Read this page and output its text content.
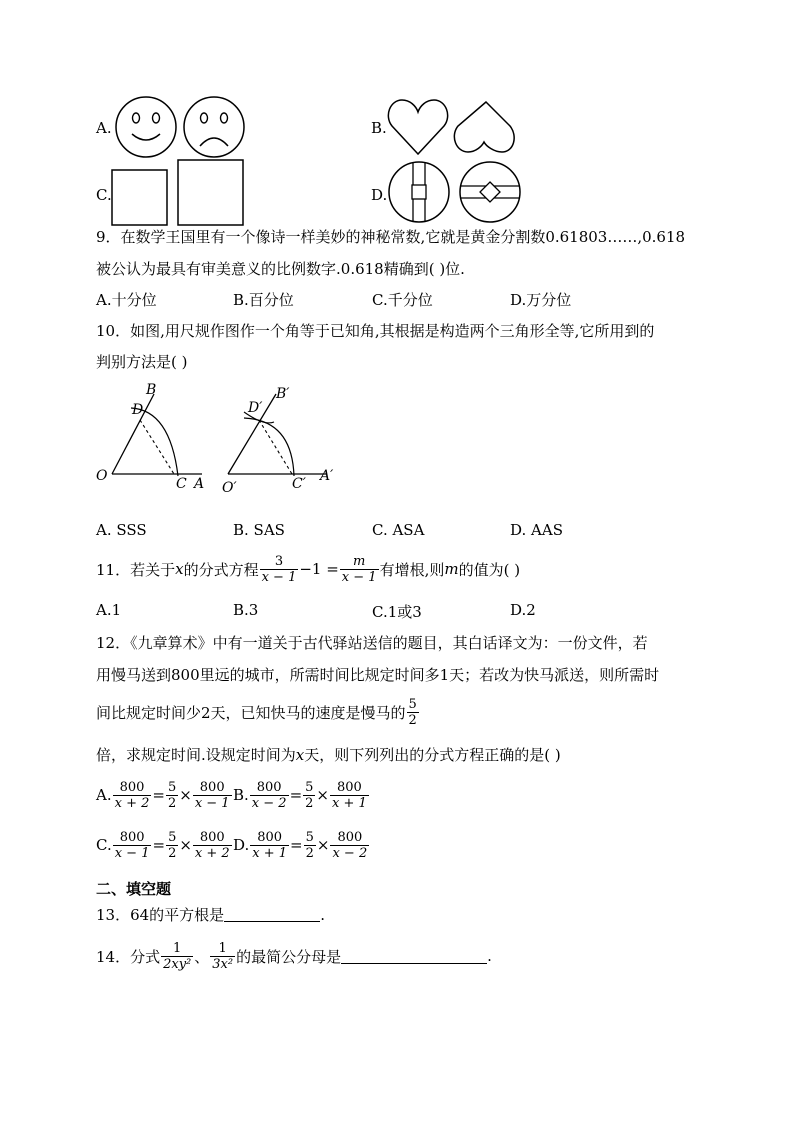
A.	B.
C.	D.
9．在数学王国里有一个像诗一样美妙的神秘常数,它就是黄金分割数0.61803……,0.618
被公认为最具有审美意义的比例数字.0.618精确到( )位.
A.十分位	B.百分位	C.千分位	D.万分位
10．如图,用尺规作图作一个角等于已知角,其根据是构造两个三角形全等,它所用到的
判别方法是( )
B
D
O	C A
B′
D′
O′	C′ A′
A. SSS	B. SAS	C. ASA	D. AAS
11．若关于 x 的分式方程 $\frac{3}{x - 1} -1 = \frac{m}{x - 1}$ 有增根,则 m 的值为( )
A.1	B.3	C.1或3	D.2
12．《九章算术》中有一道关于古代驿站送信的题目，其白话译文为：一份文件，若
用慢马送到800里远的城市，所需时间比规定时间多1天；若改为快马派送，则所需时
间比规定时间少2天，已知快马的速度是慢马的 $\frac{5}{2}$
倍，求规定时间.设规定时间为 x 天，则下列列出的分式方程正确的是( )
A. $\frac{800}{x + 2} = \frac{5}{2} \times \frac{800}{x - 1} B$. $\frac{800}{x - 2} = \frac{5}{2} \times \frac{800}{x + 1}$
C. $\frac{800}{x - 1} = \frac{5}{2} \times \frac{800}{x + 2} D$. $\frac{800}{x + 1} = \frac{5}{2} \times \frac{800}{x - 2}$
二、填空题
13．64的平方根是	.
14．分式 $\frac{1}{\text{2xy²}}$ 、 $\frac{1}{\text{3x²}}$ 的最简公分母是	.
